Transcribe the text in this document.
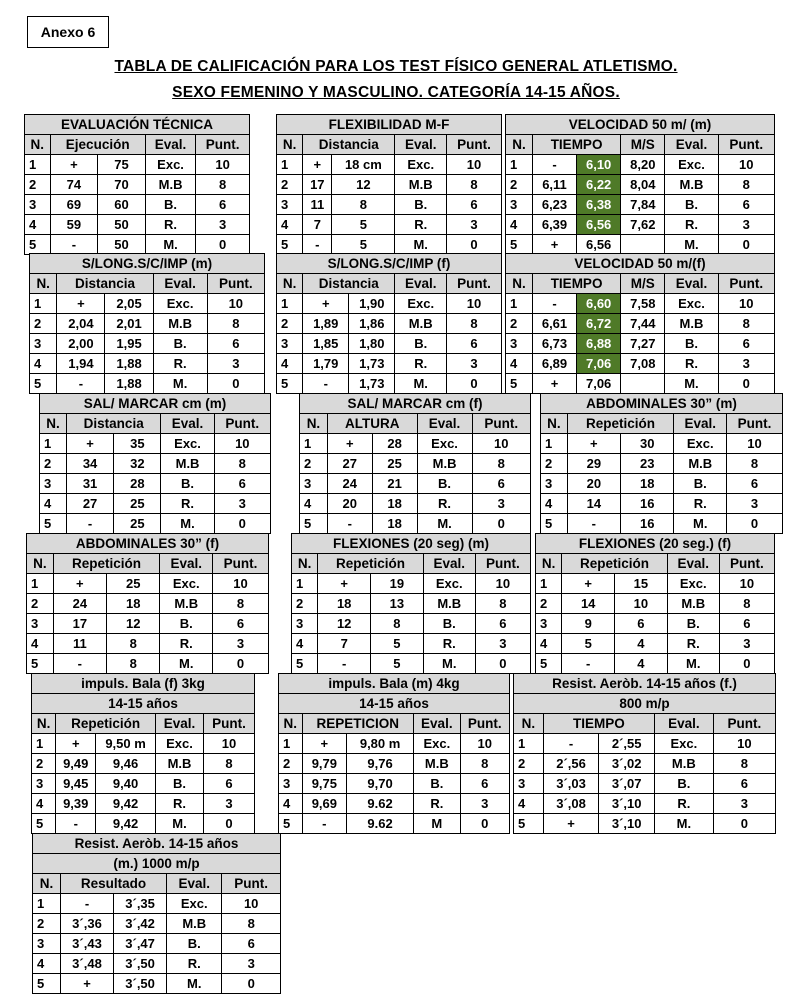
Anexo 6
TABLA DE CALIFICACIÓN PARA LOS TEST FÍSICO GENERAL ATLETISMO.
SEXO FEMENINO Y MASCULINO. CATEGORÍA 14-15 AÑOS.
EVALUACIÓN TÉCNICA				
N.	Ejecución		Eval.	Punt.
1	+	75	Exc.	10
2	74	70	M.B	8
3	69	60	B.	6
4	59	50	R.	3
5	-	50	M.	0
FLEXIBILIDAD M-F				
N.	Distancia		Eval.	Punt.
1	+	18 cm	Exc.	10
2	17	12	M.B	8
3	11	8	B.	6
4	7	5	R.	3
5	-	5	M.	0
VELOCIDAD 50 m/ (m)					
N.	TIEMPO		M/S	Eval.	Punt.
1	-	6,10	8,20	Exc.	10
2	6,11	6,22	8,04	M.B	8
3	6,23	6,38	7,84	B.	6
4	6,39	6,56	7,62	R.	3
5	+	6,56		M.	0
S/LONG.S/C/IMP (m)				
N.	Distancia		Eval.	Punt.
1	+	2,05	Exc.	10
2	2,04	2,01	M.B	8
3	2,00	1,95	B.	6
4	1,94	1,88	R.	3
5	-	1,88	M.	0
S/LONG.S/C/IMP (f)				
N.	Distancia		Eval.	Punt.
1	+	1,90	Exc.	10
2	1,89	1,86	M.B	8
3	1,85	1,80	B.	6
4	1,79	1,73	R.	3
5	-	1,73	M.	0
VELOCIDAD 50 m/(f)					
N.	TIEMPO		M/S	Eval.	Punt.
1	-	6,60	7,58	Exc.	10
2	6,61	6,72	7,44	M.B	8
3	6,73	6,88	7,27	B.	6
4	6,89	7,06	7,08	R.	3
5	+	7,06		M.	0
SAL/ MARCAR cm (m)				
N.	Distancia		Eval.	Punt.
1	+	35	Exc.	10
2	34	32	M.B	8
3	31	28	B.	6
4	27	25	R.	3
5	-	25	M.	0
SAL/ MARCAR cm (f)				
N.	ALTURA		Eval.	Punt.
1	+	28	Exc.	10
2	27	25	M.B	8
3	24	21	B.	6
4	20	18	R.	3
5	-	18	M.	0
ABDOMINALES 30” (m)				
N.	Repetición		Eval.	Punt.
1	+	30	Exc.	10
2	29	23	M.B	8
3	20	18	B.	6
4	14	16	R.	3
5	-	16	M.	0
ABDOMINALES 30” (f)				
N.	Repetición		Eval.	Punt.
1	+	25	Exc.	10
2	24	18	M.B	8
3	17	12	B.	6
4	11	8	R.	3
5	-	8	M.	0
FLEXIONES (20 seg) (m)				
N.	Repetición		Eval.	Punt.
1	+	19	Exc.	10
2	18	13	M.B	8
3	12	8	B.	6
4	7	5	R.	3
5	-	5	M.	0
FLEXIONES (20 seg.) (f)				
N.	Repetición		Eval.	Punt.
1	+	15	Exc.	10
2	14	10	M.B	8
3	9	6	B.	6
4	5	4	R.	3
5	-	4	M.	0
impuls. Bala (f) 3kg				
14-15 años				
N.	Repetición		Eval.	Punt.
1	+	9,50 m	Exc.	10
2	9,49	9,46	M.B	8
3	9,45	9,40	B.	6
4	9,39	9,42	R.	3
5	-	9,42	M.	0
impuls. Bala (m) 4kg				
14-15 años				
N.	REPETICION		Eval.	Punt.
1	+	9,80 m	Exc.	10
2	9,79	9,76	M.B	8
3	9,75	9,70	B.	6
4	9,69	9.62	R.	3
5	-	9.62	M	0
Resist. Aeròb. 14-15 años (f.)				
800 m/p				
N.	TIEMPO		Eval.	Punt.
1	-	2´,55	Exc.	10
2	2´,56	3´,02	M.B	8
3	3´,03	3´,07	B.	6
4	3´,08	3´,10	R.	3
5	+	3´,10	M.	0
Resist. Aeròb. 14-15 años				
(m.) 1000 m/p				
N.	Resultado		Eval.	Punt.
1	-	3´,35	Exc.	10
2	3´,36	3´,42	M.B	8
3	3´,43	3´,47	B.	6
4	3´,48	3´,50	R.	3
5	+	3´,50	M.	0
